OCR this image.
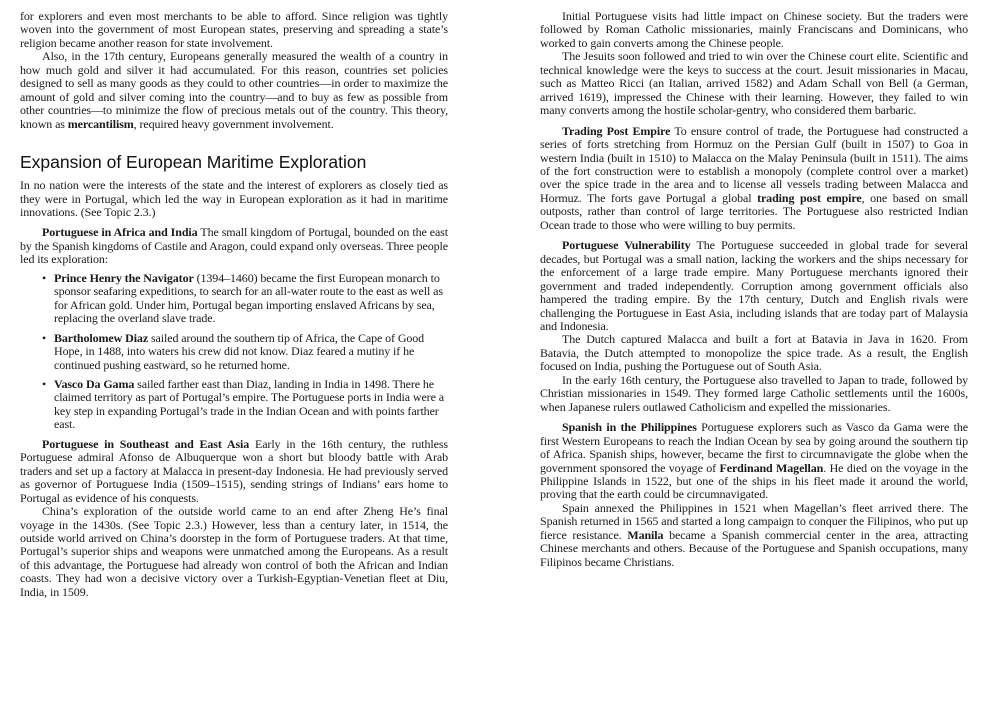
for explorers and even most merchants to be able to afford. Since religion was tightly woven into the government of most European states, preserving and spreading a state’s religion became another reason for state involvement.

Also, in the 17th century, Europeans generally measured the wealth of a country in how much gold and silver it had accumulated. For this reason, countries set policies designed to sell as many goods as they could to other countries—in order to maximize the amount of gold and silver coming into the country—and to buy as few as possible from other countries—to minimize the flow of precious metals out of the country. This theory, known as mercantilism, required heavy government involvement.

Expansion of European Maritime Exploration

In no nation were the interests of the state and the interest of explorers as closely tied as they were in Portugal, which led the way in European exploration as it had in maritime innovations. (See Topic 2.3.)

Portuguese in Africa and India The small kingdom of Portugal, bounded on the east by the Spanish kingdoms of Castile and Aragon, could expand only overseas. Three people led its exploration:

• Prince Henry the Navigator (1394–1460) became the first European monarch to sponsor seafaring expeditions, to search for an all-water route to the east as well as for African gold. Under him, Portugal began importing enslaved Africans by sea, replacing the overland slave trade.

• Bartholomew Diaz sailed around the southern tip of Africa, the Cape of Good Hope, in 1488, into waters his crew did not know. Diaz feared a mutiny if he continued pushing eastward, so he returned home.

• Vasco Da Gama sailed farther east than Diaz, landing in India in 1498. There he claimed territory as part of Portugal’s empire. The Portuguese ports in India were a key step in expanding Portugal’s trade in the Indian Ocean and with points farther east.

Portuguese in Southeast and East Asia Early in the 16th century, the ruthless Portuguese admiral Afonso de Albuquerque won a short but bloody battle with Arab traders and set up a factory at Malacca in present-day Indonesia. He had previously served as governor of Portuguese India (1509–1515), sending strings of Indians’ ears home to Portugal as evidence of his conquests.

China’s exploration of the outside world came to an end after Zheng He’s final voyage in the 1430s. (See Topic 2.3.) However, less than a century later, in 1514, the outside world arrived on China’s doorstep in the form of Portuguese traders. At that time, Portugal’s superior ships and weapons were unmatched among the Europeans. As a result of this advantage, the Portuguese had already won control of both the African and Indian coasts. They had won a decisive victory over a Turkish-Egyptian-Venetian fleet at Diu, India, in 1509.

Initial Portuguese visits had little impact on Chinese society. But the traders were followed by Roman Catholic missionaries, mainly Franciscans and Dominicans, who worked to gain converts among the Chinese people.

The Jesuits soon followed and tried to win over the Chinese court elite. Scientific and technical knowledge were the keys to success at the court. Jesuit missionaries in Macau, such as Matteo Ricci (an Italian, arrived 1582) and Adam Schall von Bell (a German, arrived 1619), impressed the Chinese with their learning. However, they failed to win many converts among the hostile scholar-gentry, who considered them barbaric.

Trading Post Empire To ensure control of trade, the Portuguese had constructed a series of forts stretching from Hormuz on the Persian Gulf (built in 1507) to Goa in western India (built in 1510) to Malacca on the Malay Peninsula (built in 1511). The aims of the fort construction were to establish a monopoly (complete control over a market) over the spice trade in the area and to license all vessels trading between Malacca and Hormuz. The forts gave Portugal a global trading post empire, one based on small outposts, rather than control of large territories. The Portuguese also restricted Indian Ocean trade to those who were willing to buy permits.

Portuguese Vulnerability The Portuguese succeeded in global trade for several decades, but Portugal was a small nation, lacking the workers and the ships necessary for the enforcement of a large trade empire. Many Portuguese merchants ignored their government and traded independently. Corruption among government officials also hampered the trading empire. By the 17th century, Dutch and English rivals were challenging the Portuguese in East Asia, including islands that are today part of Malaysia and Indonesia.

The Dutch captured Malacca and built a fort at Batavia in Java in 1620. From Batavia, the Dutch attempted to monopolize the spice trade. As a result, the English focused on India, pushing the Portuguese out of South Asia.

In the early 16th century, the Portuguese also travelled to Japan to trade, followed by Christian missionaries in 1549. They formed large Catholic settlements until the 1600s, when Japanese rulers outlawed Catholicism and expelled the missionaries.

Spanish in the Philippines Portuguese explorers such as Vasco da Gama were the first Western Europeans to reach the Indian Ocean by sea by going around the southern tip of Africa. Spanish ships, however, became the first to circumnavigate the globe when the government sponsored the voyage of Ferdinand Magellan. He died on the voyage in the Philippine Islands in 1522, but one of the ships in his fleet made it around the world, proving that the earth could be circumnavigated.

Spain annexed the Philippines in 1521 when Magellan’s fleet arrived there. The Spanish returned in 1565 and started a long campaign to conquer the Filipinos, who put up fierce resistance. Manila became a Spanish commercial center in the area, attracting Chinese merchants and others. Because of the Portuguese and Spanish occupations, many Filipinos became Christians.
